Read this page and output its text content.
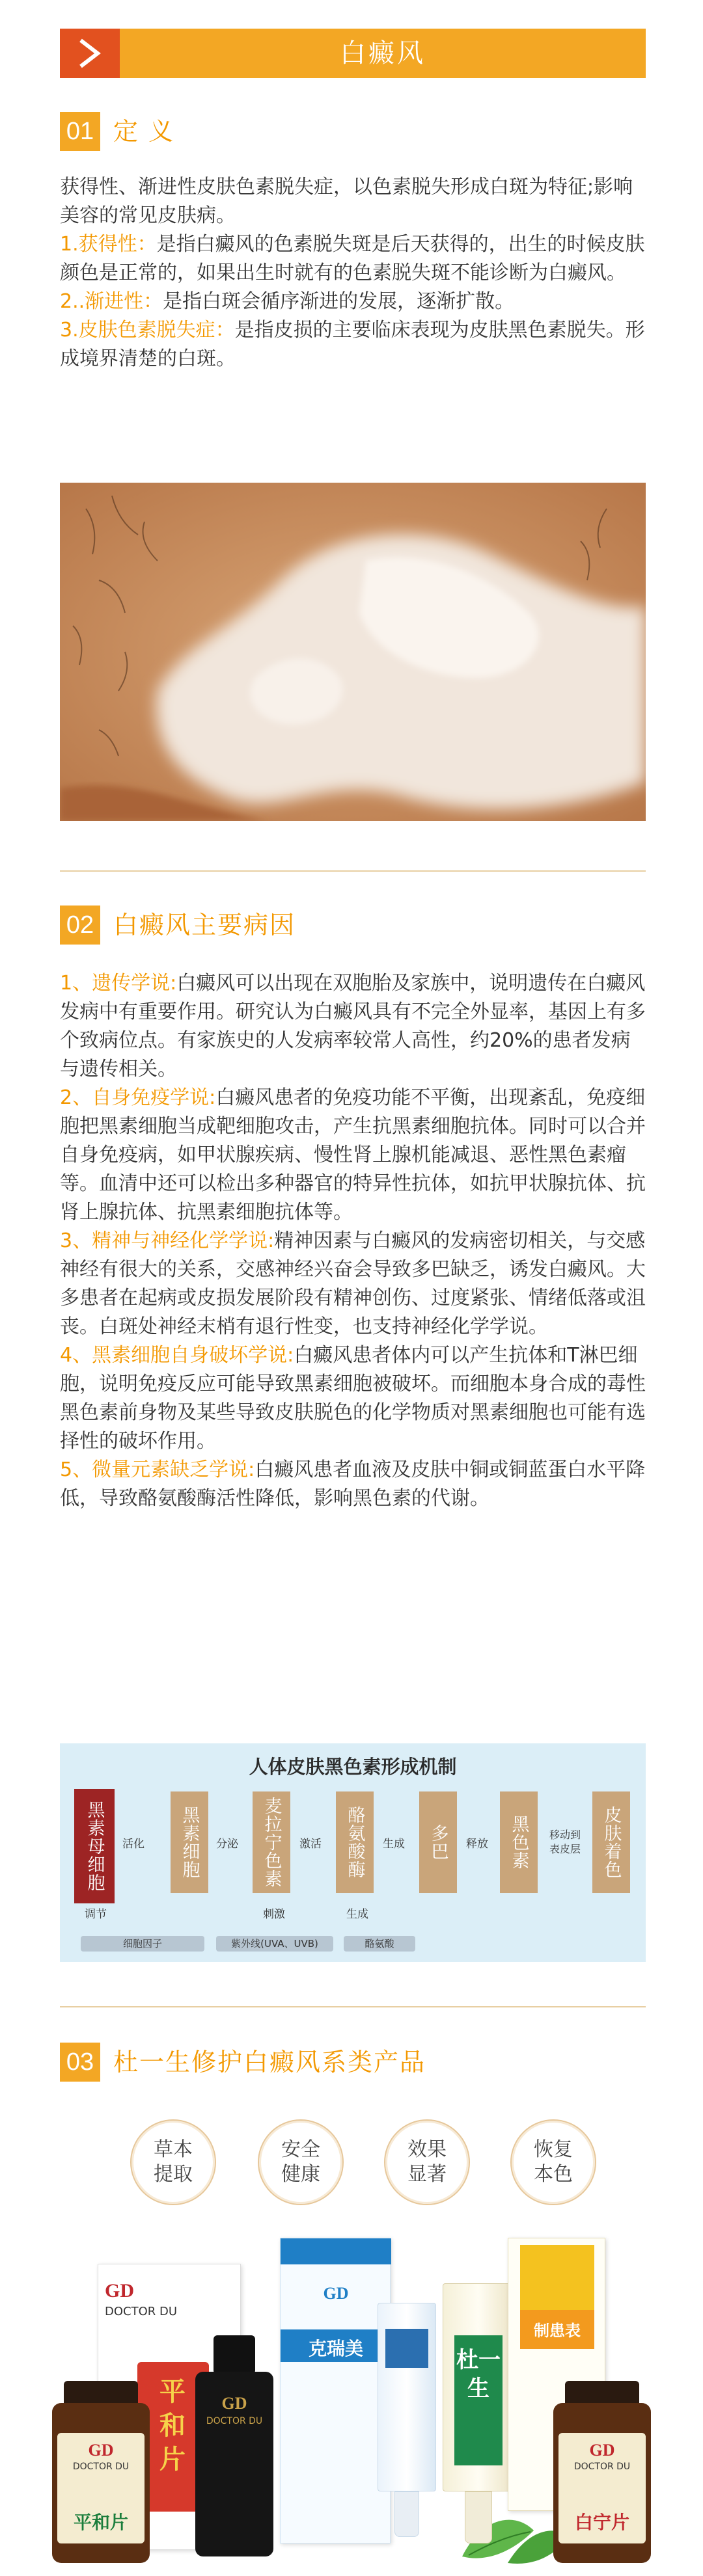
白癜风
01 定 义

获得性、渐进性皮肤色素脱失症，以色素脱失形成白斑为特征;影响美容的常见皮肤病。

1.获得性：是指白癜风的色素脱失斑是后天获得的，出生的时候皮肤颜色是正常的，如果出生时就有的色素脱失斑不能诊断为白癜风。

2..渐进性：是指白斑会循序渐进的发展，逐渐扩散。

3.皮肤色素脱失症：是指皮损的主要临床表现为皮肤黑色素脱失。形成境界清楚的白斑。

02 白癜风主要病因

1、遗传学说:白癜风可以出现在双胞胎及家族中，说明遗传在白癜风发病中有重要作用。研究认为白癜风具有不完全外显率，基因上有多个致病位点。有家族史的人发病率较常人高性，约20%的患者发病与遗传相关。

2、自身免疫学说:白癜风患者的免疫功能不平衡，出现紊乱，免疫细胞把黑素细胞当成靶细胞攻击，产生抗黑素细胞抗体。同时可以合并自身免疫病，如甲状腺疾病、慢性肾上腺机能减退、恶性黑色素瘤等。血清中还可以检出多种器官的特异性抗体，如抗甲状腺抗体、抗肾上腺抗体、抗黑素细胞抗体等。

3、精神与神经化学学说:精神因素与白癜风的发病密切相关，与交感神经有很大的关系，交感神经兴奋会导致多巴缺乏，诱发白癜风。大多患者在起病或皮损发展阶段有精神创伤、过度紧张、情绪低落或沮丧。白斑处神经末梢有退行性变，也支持神经化学学说。

4、黑素细胞自身破坏学说:白癜风患者体内可以产生抗体和T淋巴细胞，说明免疫反应可能导致黑素细胞被破坏。而细胞本身合成的毒性黑色素前身物及某些导致皮肤脱色的化学物质对黑素细胞也可能有选择性的破坏作用。

5、微量元素缺乏学说:白癜风患者血液及皮肤中铜或铜蓝蛋白水平降低，导致酪氨酸酶活性降低，影响黑色素的代谢。

人体皮肤黑色素形成机制
黑素母细胞	活化	黑素细胞	分泌	麦拉宁色素	激活	酪氨酸酶	生成	多巴	释放	黑色素	移动到表皮层	皮肤着色
调节	刺激	生成
细胞因子	紫外线(UVA、UVB)	酪氨酸
03 杜一生修护白癜风系类产品
草本
提取
安全
健康
效果
显著
恢复
本色
GD
DOCTOR DU
平和片
GD
DOCTOR DU
平和片
GD
DOCTOR DU
GD
克瑞美	杜一生
制患表
GD
DOCTOR DU
白宁片
